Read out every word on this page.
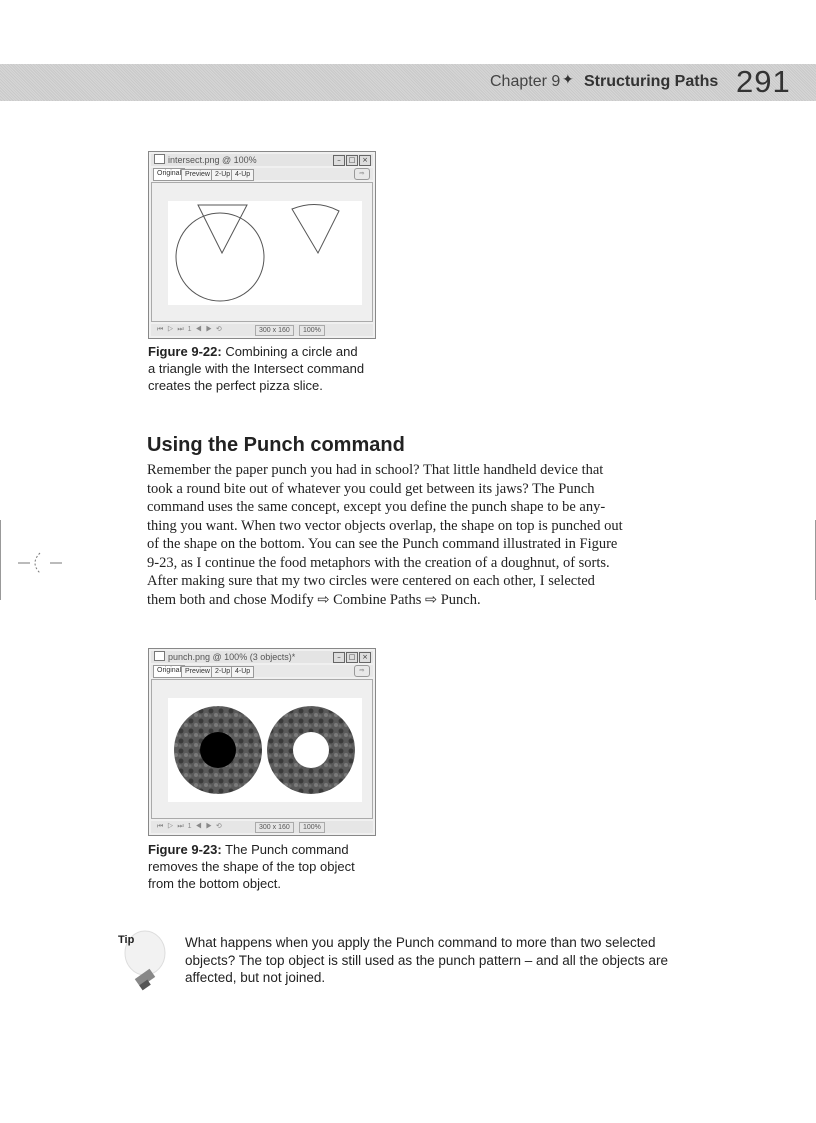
Chapter 9 ✦ Structuring Paths 291
intersect.png @ 100%	–	□ ×
Original Preview 2-Up 4-Up	⇨
⏮ ▷ ⏭ 1 ◀ ▶ ⟲	300 x 160	100%
Figure 9-22: Combining a circle and
a triangle with the Intersect command
creates the perfect pizza slice.
Using the Punch command
Remember the paper punch you had in school? That little handheld device that
took a round bite out of whatever you could get between its jaws? The Punch
command uses the same concept, except you define the punch shape to be any-
thing you want. When two vector objects overlap, the shape on top is punched out
of the shape on the bottom. You can see the Punch command illustrated in Figure
9-23, as I continue the food metaphors with the creation of a doughnut, of sorts.
After making sure that my two circles were centered on each other, I selected
them both and chose Modify ⇨ Combine Paths ⇨ Punch.
punch.png @ 100% (3 objects)*	–	□ ×
Original Preview 2-Up 4-Up	⇨
⏮ ▷ ⏭ 1 ◀ ▶ ⟲	300 x 160	100%
Figure 9-23: The Punch command
removes the shape of the top object
from the bottom object.
Tip	What happens when you apply the Punch command to more than two selected
objects? The top object is still used as the punch pattern – and all the objects are
affected, but not joined.
